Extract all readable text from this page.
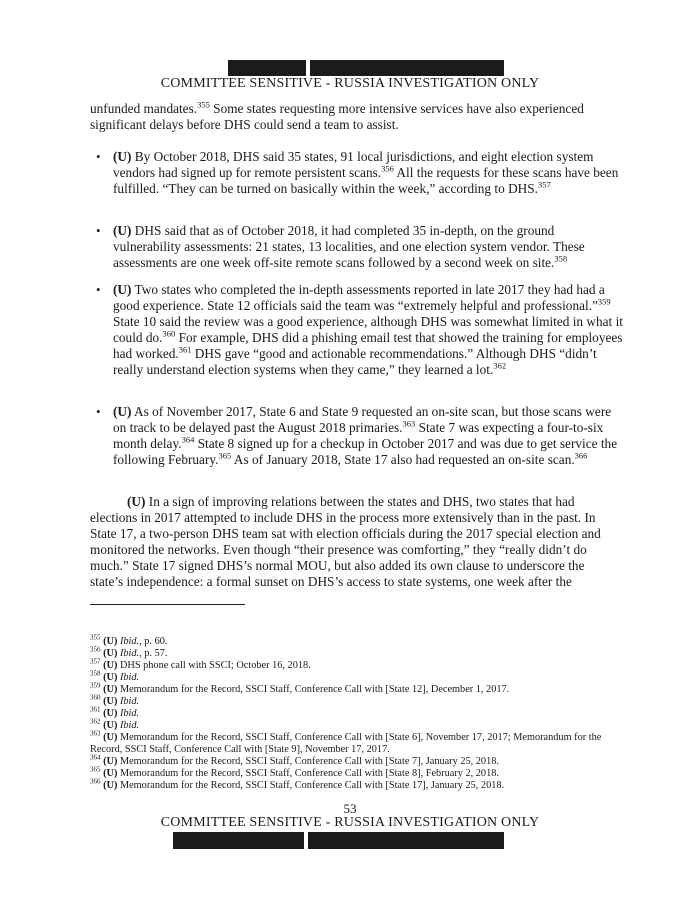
COMMITTEE SENSITIVE - RUSSIA INVESTIGATION ONLY
unfunded mandates.$^{355}$ Some states requesting more intensive services have also experienced significant delays before DHS could send a team to assist.
• (U) By October 2018, DHS said 35 states, 91 local jurisdictions, and eight election system vendors had signed up for remote persistent scans.$^{356}$ All the requests for these scans have been fulfilled. “They can be turned on basically within the week,” according to DHS.$^{357}$
• (U) DHS said that as of October 2018, it had completed 35 in-depth, on the ground vulnerability assessments: 21 states, 13 localities, and one election system vendor. These assessments are one week off-site remote scans followed by a second week on site.$^{358}$
• (U) Two states who completed the in-depth assessments reported in late 2017 they had had a good experience. State 12 officials said the team was “extremely helpful and professional.”$^{359}$ State 10 said the review was a good experience, although DHS was somewhat limited in what it could do.$^{360}$ For example, DHS did a phishing email test that showed the training for employees had worked.$^{361}$ DHS gave “good and actionable recommendations.” Although DHS “didn’t really understand election systems when they came,” they learned a lot.$^{362}$
• (U) As of November 2017, State 6 and State 9 requested an on-site scan, but those scans were on track to be delayed past the August 2018 primaries.$^{363}$ State 7 was expecting a four-to-six month delay.$^{364}$ State 8 signed up for a checkup in October 2017 and was due to get service the following February.$^{365}$ As of January 2018, State 17 also had requested an on-site scan.$^{366}$
(U) In a sign of improving relations between the states and DHS, two states that had elections in 2017 attempted to include DHS in the process more extensively than in the past. In State 17, a two-person DHS team sat with election officials during the 2017 special election and monitored the networks. Even though “their presence was comforting,” they “really didn’t do much.” State 17 signed DHS’s normal MOU, but also added its own clause to underscore the state’s independence: a formal sunset on DHS’s access to state systems, one week after the
$^{355}$ (U) Ibid., p. 60.
$^{356}$ (U) Ibid., p. 57.
$^{357}$ (U) DHS phone call with SSCI; October 16, 2018.
$^{358}$ (U) Ibid.
$^{359}$ (U) Memorandum for the Record, SSCI Staff, Conference Call with [State 12], December 1, 2017.
$^{360}$ (U) Ibid.
$^{361}$ (U) Ibid.
$^{362}$ (U) Ibid.
$^{363}$ (U) Memorandum for the Record, SSCI Staff, Conference Call with [State 6], November 17, 2017; Memorandum for the Record, SSCI Staff, Conference Call with [State 9], November 17, 2017.
$^{364}$ (U) Memorandum for the Record, SSCI Staff, Conference Call with [State 7], January 25, 2018.
$^{365}$ (U) Memorandum for the Record, SSCI Staff, Conference Call with [State 8], February 2, 2018.
$^{366}$ (U) Memorandum for the Record, SSCI Staff, Conference Call with [State 17], January 25, 2018.
53
COMMITTEE SENSITIVE - RUSSIA INVESTIGATION ONLY
